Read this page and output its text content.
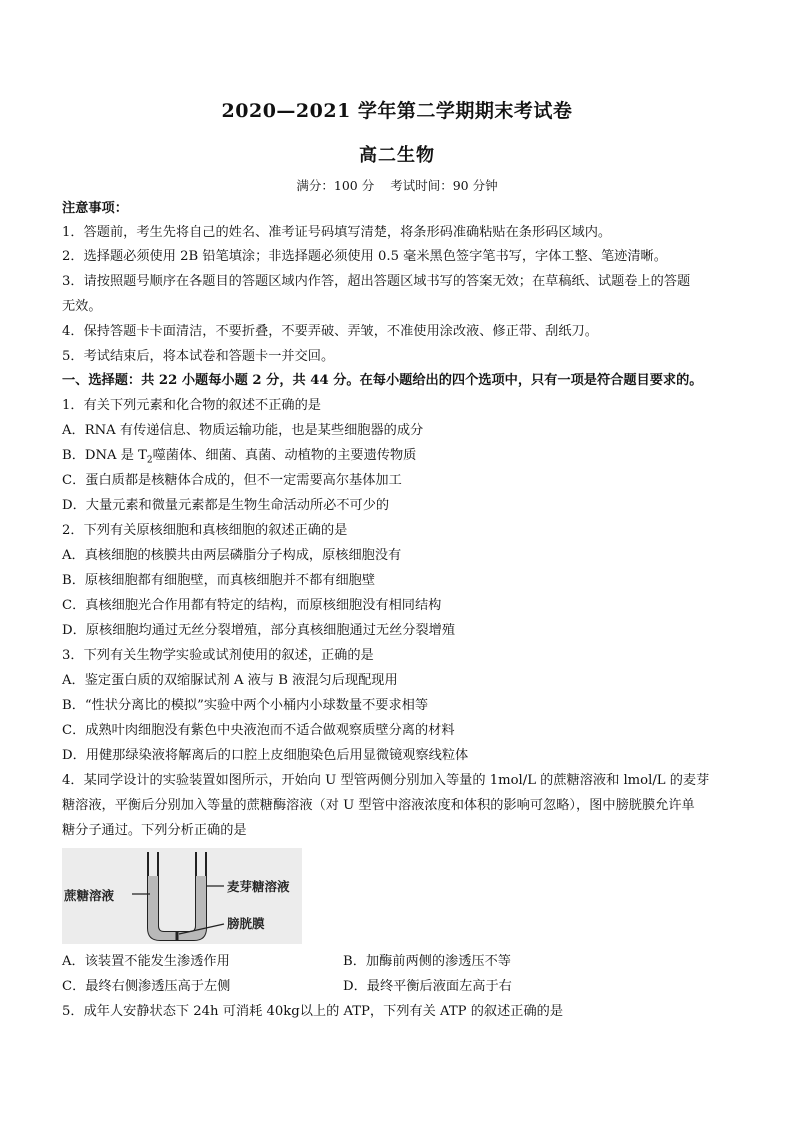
2020—2021 学年第二学期期末考试卷
高二生物
满分：100 分 考试时间：90 分钟
注意事项：
1．答题前，考生先将自己的姓名、准考证号码填写清楚，将条形码准确粘贴在条形码区域内。
2．选择题必须使用 2B 铅笔填涂；非选择题必须使用 0.5 毫米黑色签字笔书写，字体工整、笔迹清晰。
3．请按照题号顺序在各题目的答题区域内作答，超出答题区域书写的答案无效；在草稿纸、试题卷上的答题
无效。
4．保持答题卡卡面清洁，不要折叠，不要弄破、弄皱，不准使用涂改液、修正带、刮纸刀。
5．考试结束后，将本试卷和答题卡一并交回。
一、选择题：共 22 小题每小题 2 分，共 44 分。在每小题给出的四个选项中，只有一项是符合题目要求的。
1．有关下列元素和化合物的叙述不正确的是
A．RNA 有传递信息、物质运输功能，也是某些细胞器的成分
B．DNA 是 $T_2$噬菌体、细菌、真菌、动植物的主要遗传物质
C．蛋白质都是核糖体合成的，但不一定需要高尔基体加工
D．大量元素和微量元素都是生物生命活动所必不可少的
2．下列有关原核细胞和真核细胞的叙述正确的是
A．真核细胞的核膜共由两层磷脂分子构成，原核细胞没有
B．原核细胞都有细胞壁，而真核细胞并不都有细胞壁
C．真核细胞光合作用都有特定的结构，而原核细胞没有相同结构
D．原核细胞均通过无丝分裂增殖，部分真核细胞通过无丝分裂增殖
3．下列有关生物学实验或试剂使用的叙述，正确的是
A．鉴定蛋白质的双缩脲试剂 A 液与 B 液混匀后现配现用
B．“性状分离比的模拟”实验中两个小桶内小球数量不要求相等
C．成熟叶肉细胞没有紫色中央液泡而不适合做观察质壁分离的材料
D．用健那绿染液将解离后的口腔上皮细胞染色后用显微镜观察线粒体
4．某同学设计的实验装置如图所示，开始向 U 型管两侧分别加入等量的 1mol/L 的蔗糖溶液和 lmol/L 的麦芽
糖溶液，平衡后分别加入等量的蔗糖酶溶液（对 U 型管中溶液浓度和体积的影响可忽略），图中膀胱膜允许单
糖分子通过。下列分析正确的是
蔗糖溶液
麦芽糖溶液
膀胱膜
A．该装置不能发生渗透作用	B．加酶前两侧的渗透压不等
C．最终右侧渗透压高于左侧	D．最终平衡后液面左高于右
5．成年人安静状态下 24h 可消耗 40kg以上的 ATP，下列有关 ATP 的叙述正确的是
